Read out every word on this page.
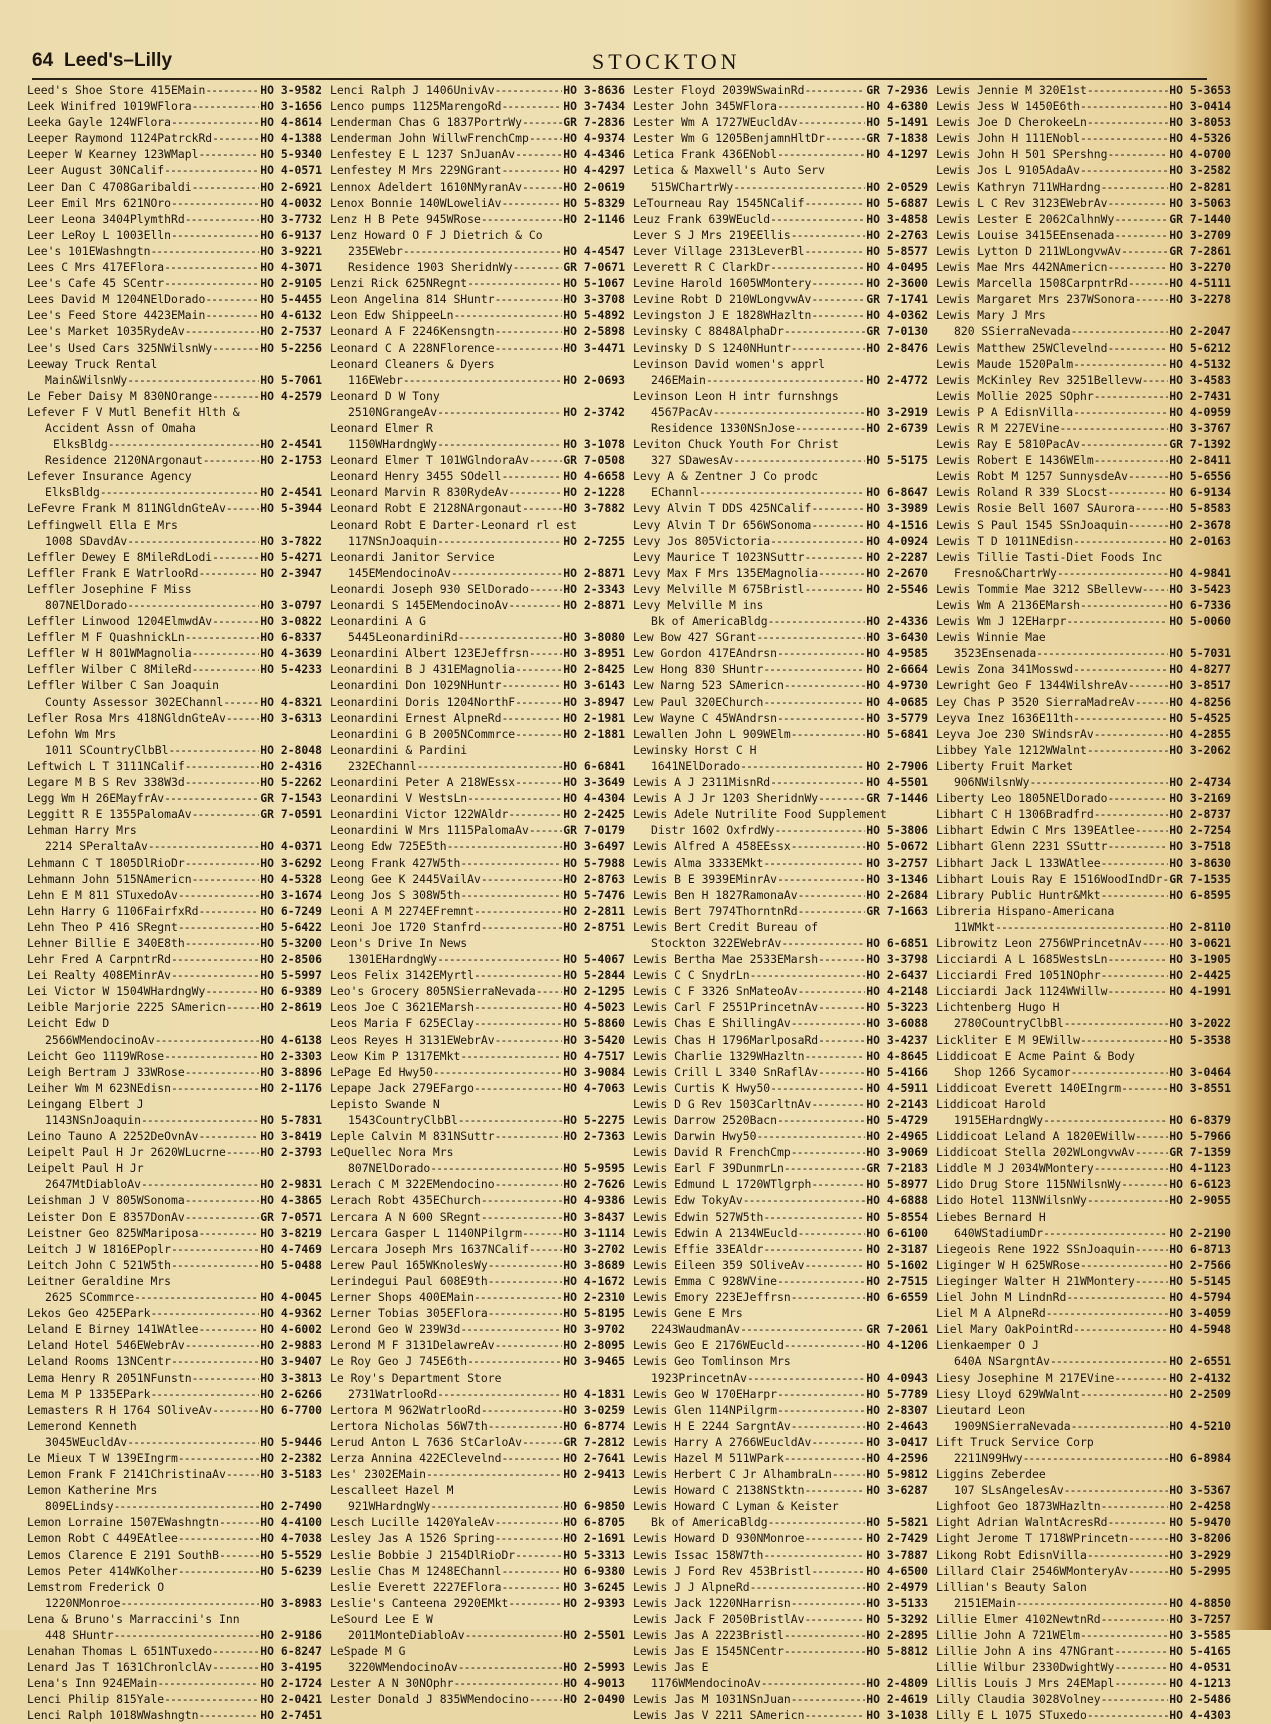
64 Leed's–Lilly	STOCKTON
Leed's Shoe Store 415EMain -----	HO 3-9582
Leek Winifred 1019WFlora -----	HO 3-1656
Leeka Gayle 124WFlora -----	HO 4-8614
Leeper Raymond 1124PatrckRd -----	HO 4-1388
Leeper W Kearney 123WMapl -----	HO 5-9340
Leer August 30NCalif -----	HO 4-0571
Leer Dan C 4708Garibaldi -----	HO 2-6921
Leer Emil Mrs 621NOro -----	HO 4-0032
Leer Leona 3404PlymthRd -----	HO 3-7732
Leer LeRoy L 1003Elln -----	HO 6-9137
Lee's 101EWashngtn -----	HO 3-9221
Lees C Mrs 417EFlora -----	HO 4-3071
Lee's Cafe 45 SCentr -----	HO 2-9105
Lees David M 1204NElDorado -----	HO 5-4455
Lee's Feed Store 4423EMain -----	HO 4-6132
Lee's Market 1035RydeAv -----	HO 2-7537
Lee's Used Cars 325NWilsnWy -----	HO 5-2256
Leeway Truck Rental
Main&WilsnWy -----	HO 5-7061
Le Feber Daisy M 830NOrange -----	HO 4-2579
Lefever F V Mutl Benefit Hlth &
Accident Assn of Omaha
ElksBldg -----	HO 2-4541
Residence 2120NArgonaut -----	HO 2-1753
Lefever Insurance Agency
ElksBldg -----	HO 2-4541
LeFevre Frank M 811NGldnGteAv -----	HO 5-3944
Leffingwell Ella E Mrs
1008 SDavdAv -----	HO 3-7822
Leffler Dewey E 8MileRdLodi -----	HO 5-4271
Leffler Frank E WatrlooRd -----	HO 2-3947
Leffler Josephine F Miss
807NElDorado -----	HO 3-0797
Leffler Linwood 1204ElmwdAv -----	HO 3-0822
Leffler M F QuashnickLn -----	HO 6-8337
Leffler W H 801WMagnolia -----	HO 4-3639
Leffler Wilber C 8MileRd -----	HO 5-4233
Leffler Wilber C San Joaquin
County Assessor 302EChannl -----	HO 4-8321
Lefler Rosa Mrs 418NGldnGteAv -----	HO 3-6313
Lefohn Wm Mrs
1011 SCountryClbBl -----	HO 2-8048
Leftwich L T 3111NCalif -----	HO 2-4316
Legare M B S Rev 338W3d -----	HO 5-2262
Legg Wm H 26EMayfrAv -----	GR 7-1543
Leggitt R E 1355PalomaAv -----	GR 7-0591
Lehman Harry Mrs
2214 SPeraltaAv -----	HO 4-0371
Lehmann C T 1805DlRioDr -----	HO 3-6292
Lehmann John 515NAmericn -----	HO 4-5328
Lehn E M 811 STuxedoAv -----	HO 3-1674
Lehn Harry G 1106FairfxRd -----	HO 6-7249
Lehn Theo P 416 SRegnt -----	HO 5-6422
Lehner Billie E 340E8th -----	HO 5-3200
Lehr Fred A CarpntrRd -----	HO 2-8506
Lei Realty 408EMinrAv -----	HO 5-5997
Lei Victor W 1504WHardngWy -----	HO 6-9389
Leible Marjorie 2225 SAmericn -----	HO 2-8619
Leicht Edw D
2566WMendocinoAv -----	HO 4-6138
Leicht Geo 1119WRose -----	HO 2-3303
Leigh Bertram J 33WRose -----	HO 3-8896
Leiher Wm M 623NEdisn -----	HO 2-1176
Leingang Elbert J
1143NSnJoaquin -----	HO 5-7831
Leino Tauno A 2252DeOvnAv -----	HO 3-8419
Leipelt Paul H Jr 2620WLucrne -----	HO 2-3793
Leipelt Paul H Jr
2647MtDiabloAv -----	HO 2-9831
Leishman J V 805WSonoma -----	HO 4-3865
Leister Don E 8357DonAv -----	GR 7-0571
Leistner Geo 825WMariposa -----	HO 3-8219
Leitch J W 1816EPoplr -----	HO 4-7469
Leitch John C 521W5th -----	HO 5-0488
Leitner Geraldine Mrs
2625 SCommrce -----	HO 4-0045
Lekos Geo 425EPark -----	HO 4-9362
Leland E Birney 141WAtlee -----	HO 4-6002
Leland Hotel 546EWebrAv -----	HO 2-9883
Leland Rooms 13NCentr -----	HO 3-9407
Lema Henry R 2051NFunstn -----	HO 3-3813
Lema M P 1335EPark -----	HO 2-6266
Lemasters R H 1764 SOliveAv -----	HO 6-7700
Lemerond Kenneth
3045WEucldAv -----	HO 5-9446
Le Mieux T W 139EIngrm -----	HO 2-2382
Lemon Frank F 2141ChristinaAv -----	HO 3-5183
Lemon Katherine Mrs
809ELindsy -----	HO 2-7490
Lemon Lorraine 1507EWashngtn -----	HO 4-4100
Lemon Robt C 449EAtlee -----	HO 4-7038
Lemos Clarence E 2191 SouthB -----	HO 5-5529
Lemos Peter 414WKolher -----	HO 5-6239
Lemstrom Frederick O
1220NMonroe -----	HO 3-8983
Lena & Bruno's Marraccini's Inn
448 SHuntr -----	HO 2-9186
Lenahan Thomas L 651NTuxedo -----	HO 6-8247
Lenard Jas T 1631ChronlclAv -----	HO 3-4195
Lena's Inn 924EMain -----	HO 2-1724
Lenci Philip 815Yale -----	HO 2-0421
Lenci Ralph 1018WWashngtn -----	HO 2-7451
Lenci Ralph J 1406UnivAv -----	HO 3-8636
Lenco pumps 1125MarengoRd -----	HO 3-7434
Lenderman Chas G 1837PortrWy -----	GR 7-2836
Lenderman John WillwFrenchCmp -----	HO 4-9374
Lenfestey E L 1237 SnJuanAv -----	HO 4-4346
Lenfestey M Mrs 229NGrant -----	HO 4-4297
Lennox Adeldert 1610NMyranAv -----	HO 2-0619
Lenox Bonnie 140WLoweliAv -----	HO 5-8329
Lenz H B Pete 945WRose -----	HO 2-1146
Lenz Howard O F J Dietrich & Co
235EWebr -----	HO 4-4547
Residence 1903 SheridnWy -----	GR 7-0671
Lenzi Rick 625NRegnt -----	HO 5-1067
Leon Angelina 814 SHuntr -----	HO 3-3708
Leon Edw ShippeeLn -----	HO 5-4892
Leonard A F 2246Kensngtn -----	HO 2-5898
Leonard C A 228NFlorence -----	HO 3-4471
Leonard Cleaners & Dyers
116EWebr -----	HO 2-0693
Leonard D W Tony
2510NGrangeAv -----	HO 2-3742
Leonard Elmer R
1150WHardngWy -----	HO 3-1078
Leonard Elmer T 101WGlndoraAv -----	GR 7-0508
Leonard Henry 3455 SOdell -----	HO 4-6658
Leonard Marvin R 830RydeAv -----	HO 2-1228
Leonard Robt E 2128NArgonaut -----	HO 3-7882
Leonard Robt E Darter-Leonard rl est
117NSnJoaquin -----	HO 2-7255
Leonardi Janitor Service
145EMendocinoAv -----	HO 2-8871
Leonardi Joseph 930 SElDorado -----	HO 2-3343
Leonardi S 145EMendocinoAv -----	HO 2-8871
Leonardini A G
5445LeonardiniRd -----	HO 3-8080
Leonardini Albert 123EJeffrsn -----	HO 3-8951
Leonardini B J 431EMagnolia -----	HO 2-8425
Leonardini Don 1029NHuntr -----	HO 3-6143
Leonardini Doris 1204NorthF -----	HO 3-8947
Leonardini Ernest AlpneRd -----	HO 2-1981
Leonardini G B 2005NCommrce -----	HO 2-1881
Leonardini & Pardini
232EChannl -----	HO 6-6841
Leonardini Peter A 218WEssx -----	HO 3-3649
Leonardini V WestsLn -----	HO 4-4304
Leonardini Victor 122WAldr -----	HO 2-2425
Leonardini W Mrs 1115PalomaAv -----	GR 7-0179
Leong Edw 725E5th -----	HO 3-6497
Leong Frank 427W5th -----	HO 5-7988
Leong Gee K 2445VailAv -----	HO 2-8763
Leong Jos S 308W5th -----	HO 5-7476
Leoni A M 2274EFremnt -----	HO 2-2811
Leoni Joe 1720 Stanfrd -----	HO 2-8751
Leon's Drive In News
1301EHardngWy -----	HO 5-4067
Leos Felix 3142EMyrtl -----	HO 5-2844
Leo's Grocery 805NSierraNevada ----- HO 2-1295
Leos Joe C 3621EMarsh -----	HO 4-5023
Leos Maria F 625EClay -----	HO 5-8860
Leos Reyes H 3131EWebrAv -----	HO 3-5420
Leow Kim P 1317EMkt -----	HO 4-7517
LePage Ed Hwy50 -----	HO 3-9084
Lepape Jack 279EFargo -----	HO 4-7063
Lepisto Swande N
1543CountryClbBl -----	HO 5-2275
Leple Calvin M 831NSuttr -----	HO 2-7363
LeQuellec Nora Mrs
807NElDorado -----	HO 5-9595
Lerach C M 322EMendocino -----	HO 2-7626
Lerach Robt 435EChurch -----	HO 4-9386
Lercara A N 600 SRegnt -----	HO 3-8437
Lercara Gasper L 1140NPilgrm -----	HO 3-1114
Lercara Joseph Mrs 1637NCalif -----	HO 3-2702
Lerew Paul 165WKnolesWy -----	HO 3-8689
Lerindegui Paul 608E9th -----	HO 4-1672
Lerner Shops 400EMain -----	HO 2-2310
Lerner Tobias 305EFlora -----	HO 5-8195
Lerond Geo W 239W3d -----	HO 3-9702
Lerond M F 3131DelawreAv -----	HO 2-8095
Le Roy Geo J 745E6th -----	HO 3-9465
Le Roy's Department Store
2731WatrlooRd -----	HO 4-1831
Lertora M 962WatrlooRd -----	HO 3-0259
Lertora Nicholas 56W7th -----	HO 6-8774
Lerud Anton L 7636 StCarloAv -----	GR 7-2812
Lerza Annina 422EClevelnd -----	HO 2-7641
Les' 2302EMain -----	HO 2-9413
Lescalleet Hazel M
921WHardngWy -----	HO 6-9850
Lesch Lucille 1420YaleAv -----	HO 6-8705
Lesley Jas A 1526 Spring -----	HO 2-1691
Leslie Bobbie J 2154DlRioDr -----	HO 5-3313
Leslie Chas M 1248EChannl -----	HO 6-9380
Leslie Everett 2227EFlora -----	HO 3-6245
Leslie's Canteena 2920EMkt -----	HO 2-9393
LeSourd Lee E W
2011MonteDiabloAv -----	HO 2-5501
LeSpade M G
3220WMendocinoAv -----	HO 2-5993
Lester A N 30NOphr -----	HO 4-9013
Lester Donald J 835WMendocino -----	HO 2-0490
Lester Floyd 2039WSwainRd -----	GR 7-2936
Lester John 345WFlora -----	HO 4-6380
Lester Wm A 1727WEucldAv -----	HO 5-1491
Lester Wm G 1205BenjamnHltDr -----	GR 7-1838
Letica Frank 436ENobl -----	HO 4-1297
Letica & Maxwell's Auto Serv
515WChartrWy -----	HO 2-0529
LeTourneau Ray 1545NCalif -----	HO 5-6887
Leuz Frank 639WEucld -----	HO 3-4858
Lever S J Mrs 219EEllis -----	HO 2-2763
Lever Village 2313LeverBl -----	HO 5-8577
Leverett R C ClarkDr -----	HO 4-0495
Levine Harold 1605WMontery -----	HO 2-3600
Levine Robt D 210WLongvwAv -----	GR 7-1741
Levingston J E 1828WHazltn -----	HO 4-0362
Levinsky C 8848AlphaDr -----	GR 7-0130
Levinsky D S 1240NHuntr -----	HO 2-8476
Levinson David women's apprl
246EMain -----	HO 2-4772
Levinson Leon H intr furnshngs
4567PacAv -----	HO 3-2919
Residence 1330NSnJose -----	HO 2-6739
Leviton Chuck Youth For Christ
327 SDawesAv -----	HO 5-5175
Levy A & Zentner J Co prodc
EChannl -----	HO 6-8647
Levy Alvin T DDS 425NCalif -----	HO 3-3989
Levy Alvin T Dr 656WSonoma -----	HO 4-1516
Levy Jos 805Victoria -----	HO 4-0924
Levy Maurice T 1023NSuttr -----	HO 2-2287
Levy Max F Mrs 135EMagnolia -----	HO 2-2670
Levy Melville M 675Bristl -----	HO 2-5546
Levy Melville M ins
Bk of AmericaBldg -----	HO 2-4336
Lew Bow 427 SGrant -----	HO 3-6430
Lew Gordon 417EAndrsn -----	HO 4-9585
Lew Hong 830 SHuntr -----	HO 2-6664
Lew Narng 523 SAmericn -----	HO 4-9730
Lew Paul 320EChurch -----	HO 4-0685
Lew Wayne C 45WAndrsn -----	HO 3-5779
Lewallen John L 909WElm -----	HO 5-6841
Lewinsky Horst C H
1641NElDorado -----	HO 2-7906
Lewis A J 2311MisnRd -----	HO 4-5501
Lewis A J Jr 1203 SheridnWy -----	GR 7-1446
Lewis Adele Nutrilite Food Supplement
Distr 1602 OxfrdWy -----	HO 5-3806
Lewis Alfred A 458EEssx -----	HO 5-0672
Lewis Alma 3333EMkt -----	HO 3-2757
Lewis B E 3939EMinrAv -----	HO 3-1346
Lewis Ben H 1827RamonaAv -----	HO 2-2684
Lewis Bert 7974ThorntnRd -----	GR 7-1663
Lewis Bert Credit Bureau of
Stockton 322EWebrAv -----	HO 6-6851
Lewis Bertha Mae 2533EMarsh -----	HO 3-3798
Lewis C C SnydrLn -----	HO 2-6437
Lewis C F 3326 SnMateoAv -----	HO 4-2148
Lewis Carl F 2551PrincetnAv -----	HO 5-3223
Lewis Chas E ShillingAv -----	HO 3-6088
Lewis Chas H 1796MarlposaRd -----	HO 3-4237
Lewis Charlie 1329WHazltn -----	HO 4-8645
Lewis Crill L 3340 SnRaflAv -----	HO 5-4166
Lewis Curtis K Hwy50 -----	HO 4-5911
Lewis D G Rev 1503CarltnAv -----	HO 2-2143
Lewis Darrow 2520Bacn -----	HO 5-4729
Lewis Darwin Hwy50 -----	HO 2-4965
Lewis David R FrenchCmp -----	HO 3-9069
Lewis Earl F 39DunmrLn -----	GR 7-2183
Lewis Edmund L 1720WTlgrph -----	HO 5-8977
Lewis Edw TokyAv -----	HO 4-6888
Lewis Edwin 527W5th -----	HO 5-8554
Lewis Edwin A 2134WEucld -----	HO 6-6100
Lewis Effie 33EAldr -----	HO 2-3187
Lewis Eileen 359 SOliveAv -----	HO 5-1602
Lewis Emma C 928WVine -----	HO 2-7515
Lewis Emory 223EJeffrsn -----	HO 6-6559
Lewis Gene E Mrs
2243WaudmanAv -----	GR 7-2061
Lewis Geo E 2176WEucld -----	HO 4-1206
Lewis Geo Tomlinson Mrs
1923PrincetnAv -----	HO 4-0943
Lewis Geo W 170EHarpr -----	HO 5-7789
Lewis Glen 114NPilgrm -----	HO 2-8307
Lewis H E 2244 SargntAv -----	HO 2-4643
Lewis Harry A 2766WEucldAv -----	HO 3-0417
Lewis Hazel M 511WPark -----	HO 4-2596
Lewis Herbert C Jr AlhambraLn -----	HO 5-9812
Lewis Howard C 2138NStktn -----	HO 3-6287
Lewis Howard C Lyman & Keister
Bk of AmericaBldg -----	HO 5-5821
Lewis Howard D 930NMonroe -----	HO 2-7429
Lewis Issac 158W7th -----	HO 3-7887
Lewis J Ford Rev 453Bristl -----	HO 4-6500
Lewis J J AlpneRd -----	HO 2-4979
Lewis Jack 1220NHarrisn -----	HO 3-5133
Lewis Jack F 2050BristlAv -----	HO 5-3292
Lewis Jas A 2223Bristl -----	HO 2-2895
Lewis Jas E 1545NCentr -----	HO 5-8812
Lewis Jas E
1176WMendocinoAv -----	HO 2-4809
Lewis Jas M 1031NSnJuan -----	HO 2-4619
Lewis Jas V 2211 SAmericn -----	HO 3-1038
Lewis Jennie M 320E1st -----	HO 5-3653
Lewis Jess W 1450E6th -----	HO 3-0414
Lewis Joe D CherokeeLn -----	HO 3-8053
Lewis John H 111ENobl -----	HO 4-5326
Lewis John H 501 SPershng -----	HO 4-0700
Lewis Jos L 9105AdaAv -----	HO 3-2582
Lewis Kathryn 711WHardng -----	HO 2-8281
Lewis L C Rev 3123EWebrAv -----	HO 3-5063
Lewis Lester E 2062CalhnWy -----	GR 7-1440
Lewis Louise 3415EEnsenada -----	HO 3-2709
Lewis Lytton D 211WLongvwAv -----	GR 7-2861
Lewis Mae Mrs 442NAmericn -----	HO 3-2270
Lewis Marcella 1508CarpntrRd -----	HO 4-5111
Lewis Margaret Mrs 237WSonora -----	HO 3-2278
Lewis Mary J Mrs
820 SSierraNevada -----	HO 2-2047
Lewis Matthew 25WClevelnd -----	HO 5-6212
Lewis Maude 1520Palm -----	HO 4-5132
Lewis McKinley Rev 3251Bellevw ----- HO 3-4583
Lewis Mollie 2025 SOphr -----	HO 2-7431
Lewis P A EdisnVilla -----	HO 4-0959
Lewis R M 227EVine -----	HO 3-3767
Lewis Ray E 5810PacAv -----	GR 7-1392
Lewis Robert E 1436WElm -----	HO 2-8411
Lewis Robt M 1257 SunnysdeAv -----	HO 5-6556
Lewis Roland R 339 SLocst -----	HO 6-9134
Lewis Rosie Bell 1607 SAurora -----	HO 5-8583
Lewis S Paul 1545 SSnJoaquin -----	HO 2-3678
Lewis T D 1011NEdisn -----	HO 2-0163
Lewis Tillie Tasti-Diet Foods Inc
Fresno&ChartrWy -----	HO 4-9841
Lewis Tommie Mae 3212 SBellevw ----- HO 3-5423
Lewis Wm A 2136EMarsh -----	HO 6-7336
Lewis Wm J 12EHarpr -----	HO 5-0060
Lewis Winnie Mae
3523Ensenada -----	HO 5-7031
Lewis Zona 341Mosswd -----	HO 4-8277
Lewright Geo F 1344WilshreAv -----	HO 3-8517
Ley Chas P 3520 SierraMadreAv -----	HO 4-8256
Leyva Inez 1636E11th -----	HO 5-4525
Leyva Joe 230 SWindsrAv -----	HO 4-2855
Libbey Yale 1212WWalnt -----	HO 3-2062
Liberty Fruit Market
906NWilsnWy -----	HO 2-4734
Liberty Leo 1805NElDorado -----	HO 3-2169
Libhart C H 1306Bradfrd -----	HO 2-8737
Libhart Edwin C Mrs 139EAtlee -----	HO 2-7254
Libhart Glenn 2231 SSuttr -----	HO 3-7518
Libhart Jack L 133WAtlee -----	HO 3-8630
Libhart Louis Ray E 1516WoodIndDr ----- GR 7-1535
Library Public Huntr&Mkt -----	HO 6-8595
Libreria Hispano-Americana
11WMkt -----	HO 2-8110
Librowitz Leon 2756WPrincetnAv ----- HO 3-0621
Licciardi A L 1685WestsLn -----	HO 3-1905
Licciardi Fred 1051NOphr -----	HO 2-4425
Licciardi Jack 1124WWillw -----	HO 4-1991
Lichtenberg Hugo H
2780CountryClbBl -----	HO 3-2022
Lickliter E M 9EWillw -----	HO 5-3538
Liddicoat E Acme Paint & Body
Shop 1266 Sycamor -----	HO 3-0464
Liddicoat Everett 140EIngrm -----	HO 3-8551
Liddicoat Harold
1915EHardngWy -----	HO 6-8379
Liddicoat Leland A 1820EWillw -----	HO 5-7966
Liddicoat Stella 202WLongvwAv -----	GR 7-1359
Liddle M J 2034WMontery -----	HO 4-1123
Lido Drug Store 115NWilsnWy -----	HO 6-6123
Lido Hotel 113NWilsnWy -----	HO 2-9055
Liebes Bernard H
640WStadiumDr -----	HO 2-2190
Liegeois Rene 1922 SSnJoaquin -----	HO 6-8713
Liginger W H 625WRose -----	HO 2-7566
Lieginger Walter H 21WMontery -----	HO 5-5145
Liel John M LindnRd -----	HO 4-5794
Liel M A AlpneRd -----	HO 3-4059
Liel Mary OakPointRd -----	HO 4-5948
Lienkaemper O J
640A NSargntAv -----	HO 2-6551
Liesy Josephine M 217EVine -----	HO 2-4132
Liesy Lloyd 629WWalnt -----	HO 2-2509
Lieutard Leon
1909NSierraNevada -----	HO 4-5210
Lift Truck Service Corp
2211N99Hwy -----	HO 6-8984
Liggins Zeberdee
107 SLsAngelesAv -----	HO 3-5367
Lighfoot Geo 1873WHazltn -----	HO 2-4258
Light Adrian WalntAcresRd -----	HO 5-9470
Light Jerome T 1718WPrincetn -----	HO 3-8206
Likong Robt EdisnVilla -----	HO 3-2929
Lillard Clair 2546WMonteryAv -----	HO 5-2995
Lillian's Beauty Salon
2151EMain -----	HO 4-8850
Lillie Elmer 4102NewtnRd -----	HO 3-7257
Lillie John A 721WElm -----	HO 3-5585
Lillie John A ins 47NGrant -----	HO 5-4165
Lillie Wilbur 2330DwightWy -----	HO 4-0531
Lillis Louis J Mrs 24EMapl -----	HO 4-1213
Lilly Claudia 3028Volney -----	HO 2-5486
Lilly E L 1075 STuxedo -----	HO 4-4303
